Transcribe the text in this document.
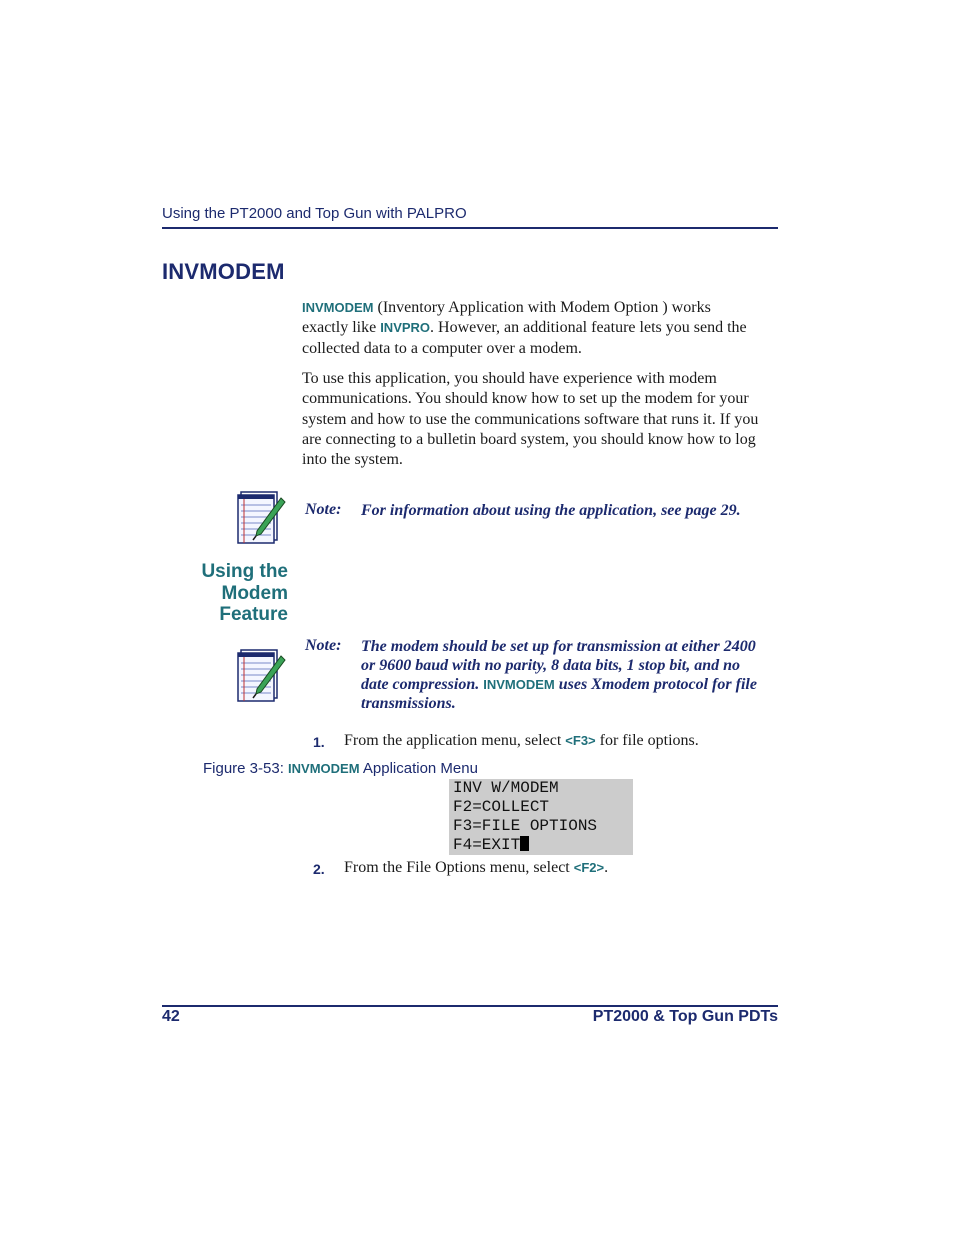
Using the PT2000 and Top Gun with PALPRO
INVMODEM
INVMODEM (Inventory Application with Modem Option ) works
exactly like INVPRO. However, an additional feature lets you send the
collected data to a computer over a modem.
To use this application, you should have experience with modem
communications. You should know how to set up the modem for your
system and how to use the communications software that runs it. If you
are connecting to a bulletin board system, you should know how to log
into the system.
Note: For information about using the application, see page 29.
Using the
Modem
Feature
Note: The modem should be set up for transmission at either 2400
or 9600 baud with no parity, 8 data bits, 1 stop bit, and no
date compression. INVMODEM uses Xmodem protocol for file
transmissions.
1. From the application menu, select <F3> for file options.
Figure 3-53: INVMODEM Application Menu
INV W/MODEM
F2=COLLECT
F3=FILE OPTIONS
F4=EXIT
2. From the File Options menu, select <F2>.
42	PT2000 & Top Gun PDTs
